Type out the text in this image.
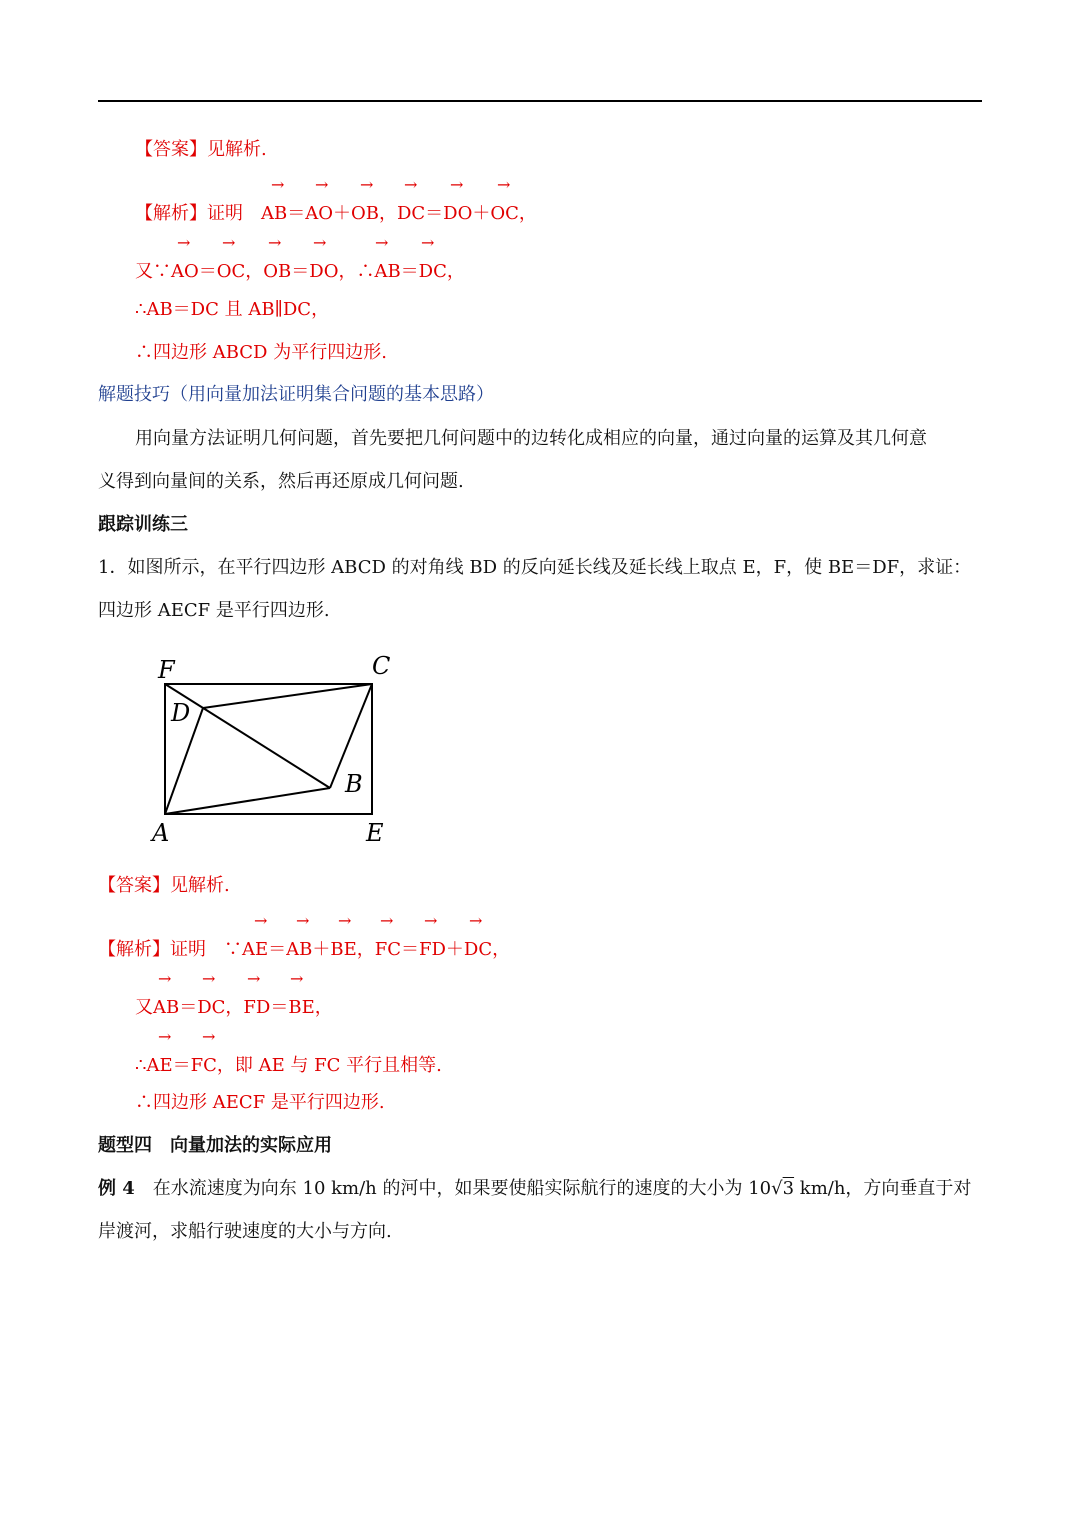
【答案】见解析.

→ → → → → →

【解析】证明　AB＝AO＋OB，DC＝DO＋OC，

→ → → →	→ →

又∵AO＝OC，OB＝DO，∴AB＝DC，
∴AB＝DC 且 AB∥DC，
∴四边形 ABCD 为平行四边形.
解题技巧（用向量加法证明集合问题的基本思路）
用向量方法证明几何问题，首先要把几何问题中的边转化成相应的向量，通过向量的运算及其几何意
义得到向量间的关系，然后再还原成几何问题.
跟踪训练三
1．如图所示，在平行四边形 ABCD 的对角线 BD 的反向延长线及延长线上取点 E，F，使 BE＝DF，求证：
四边形 AECF 是平行四边形.
F	C
D
B
A	E
【答案】见解析.

→ → → → → →

【解析】证明　∵AE＝AB＋BE，FC＝FD＋DC，

→ → → →

又AB＝DC，FD＝BE，

→ →

∴AE＝FC，即 AE 与 FC 平行且相等.
∴四边形 AECF 是平行四边形.
题型四　向量加法的实际应用
例 4　 在水流速度为向东 10 km/h 的河中，如果要使船实际航行的速度的大小为 10√3 km/h，方向垂直于对
岸渡河，求船行驶速度的大小与方向.
